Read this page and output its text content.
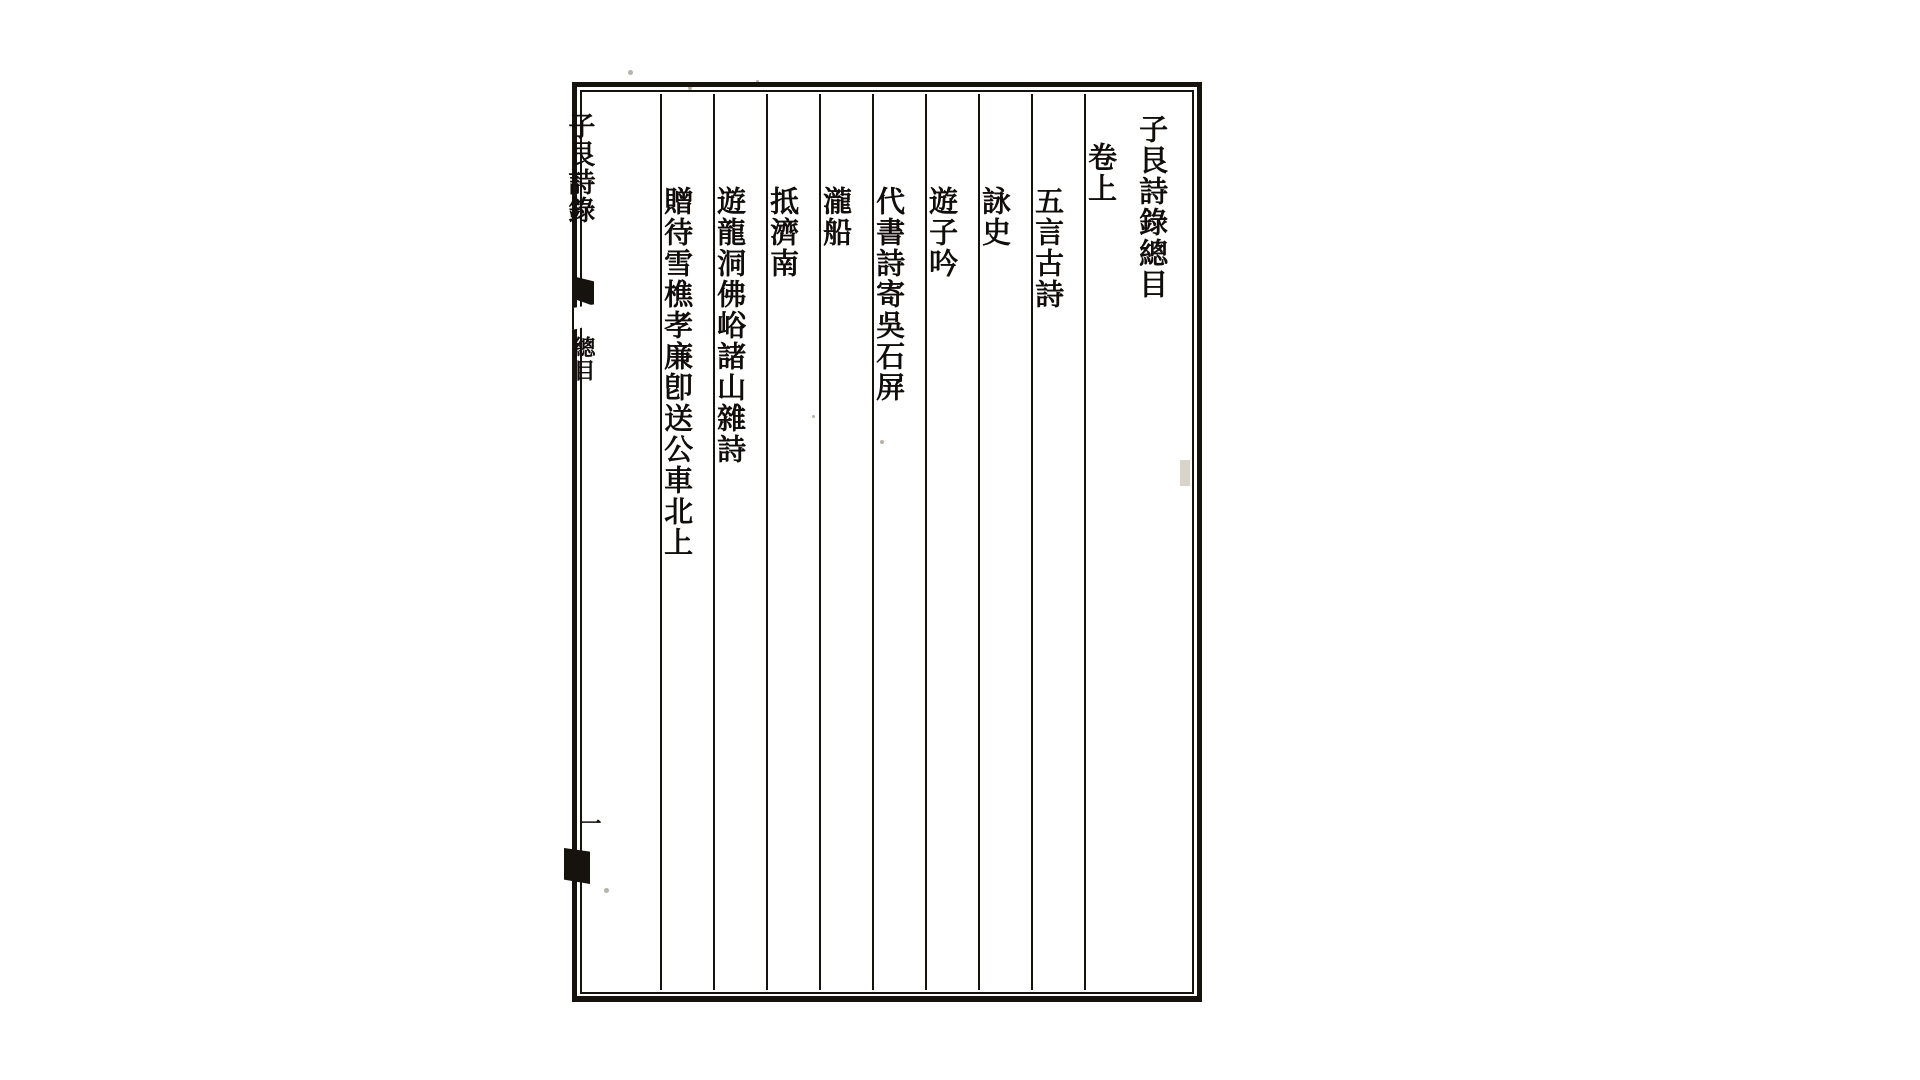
子艮詩錄總目
卷上
五言古詩
詠史
遊子吟
代書詩寄吳石屏
瀧船
抵濟南
遊龍洞佛峪諸山雜詩
贈待雪樵孝廉卽送公車北上
子艮詩錄
總目
一
